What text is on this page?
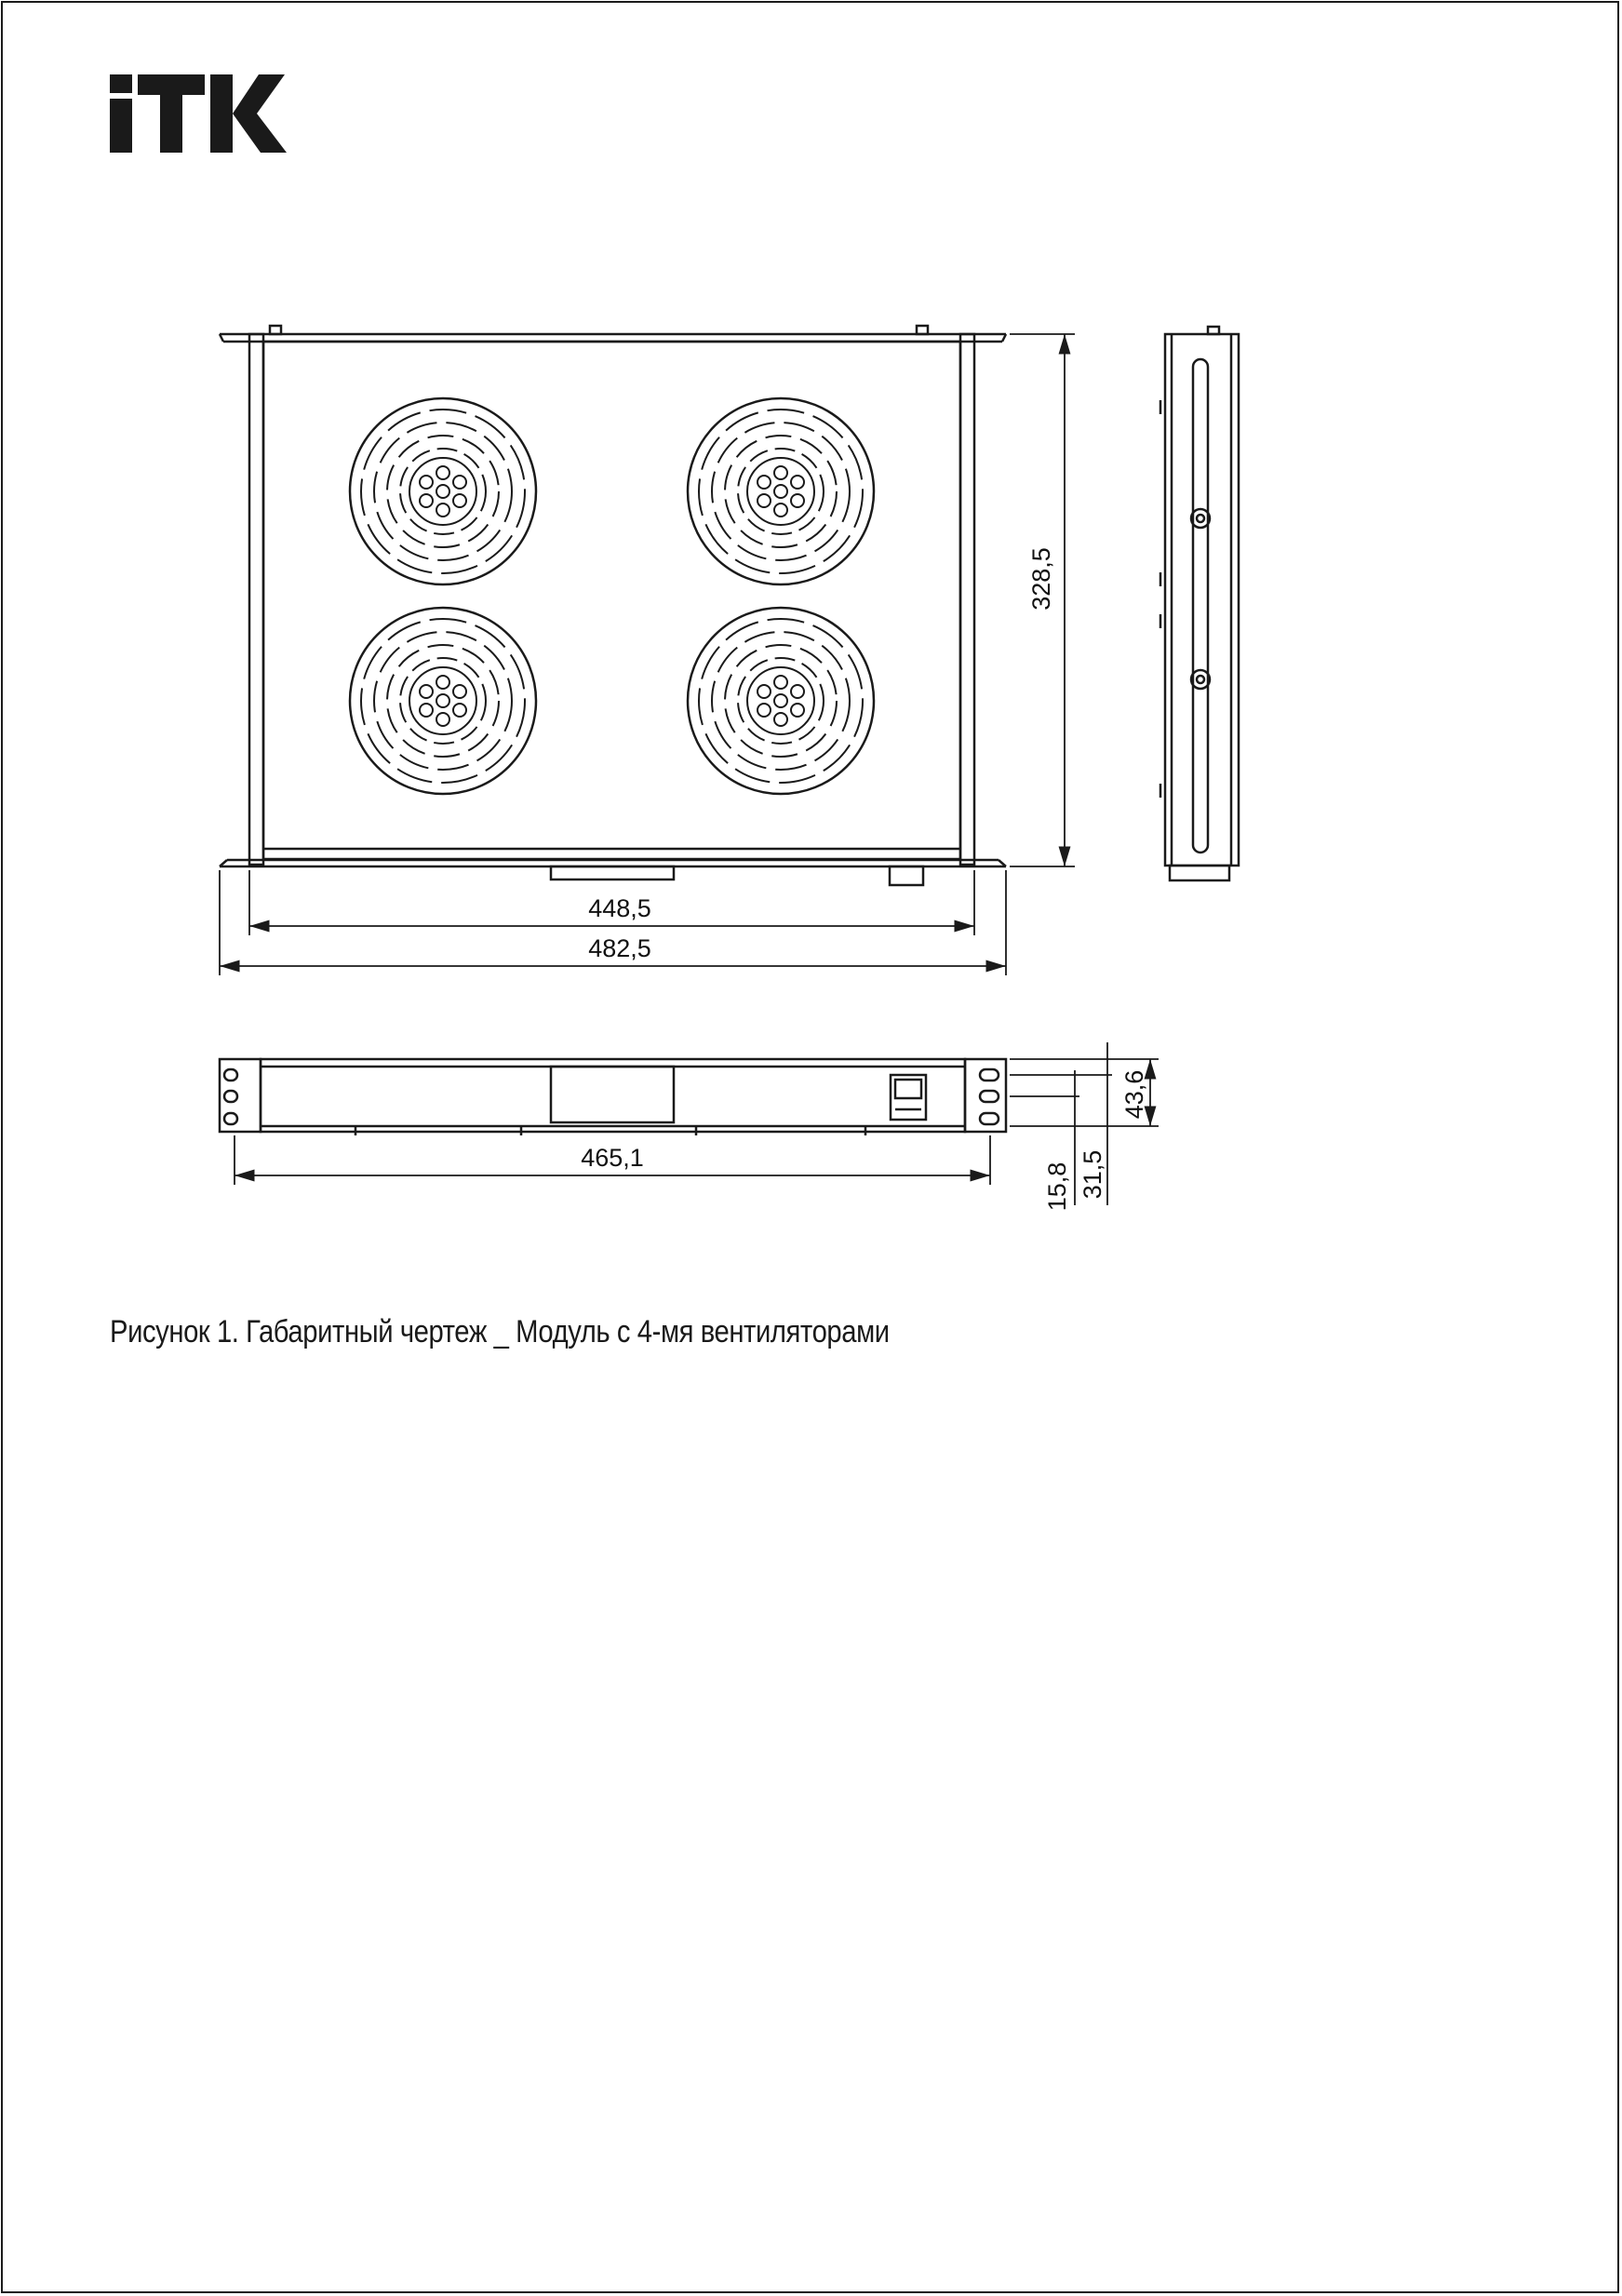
448,5
482,5
328,5
465,1
43,6
15,8 31,5
Рисунок 1. Габаритный чертеж _ Модуль с 4-мя вентиляторами
